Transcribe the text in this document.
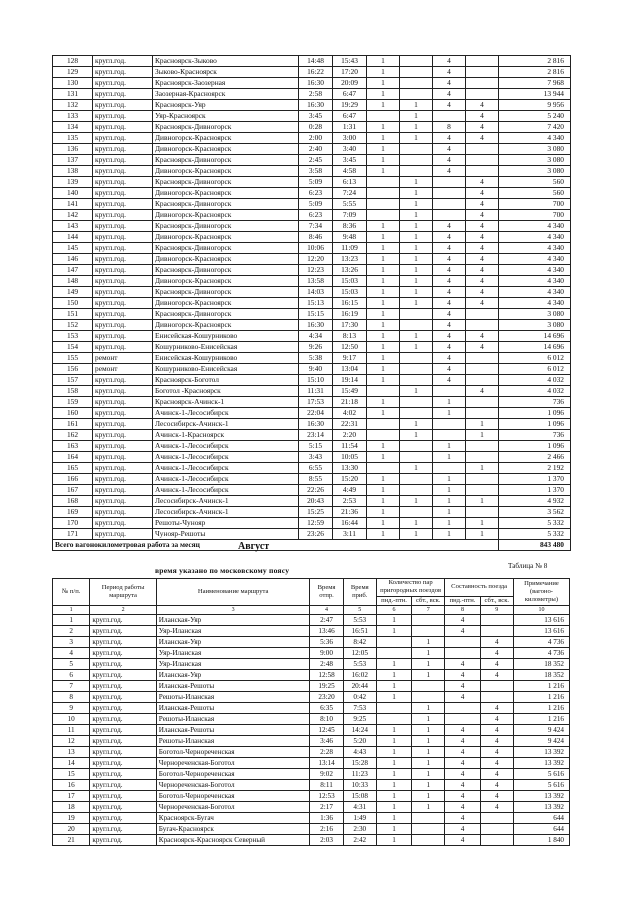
128	кругл.год.	Красноярск-Зыково	14:48	15:43	1		4		2 816
129	кругл.год.	Зыково-Красноярск	16:22	17:20	1		4		2 816
130	кругл.год.	Красноярск-Заозерная	16:30	20:09	1		4		7 968
131	кругл.год.	Заозерная-Красноярск	2:58	6:47	1		4		13 944
132	кругл.год.	Красноярск-Уяр	16:30	19:29	1	1	4	4	9 956
133	кругл.год.	Уяр-Красноярск	3:45	6:47		1		4	5 240
134	кругл.год.	Красноярск-Дивногорск	0:28	1:31	1	1	8	4	7 420
135	кругл.год.	Дивногорск-Красноярск	2:00	3:00	1	1	4	4	4 340
136	кругл.год.	Дивногорск-Красноярск	2:40	3:40	1		4		3 080
137	кругл.год.	Красноярск-Дивногорск	2:45	3:45	1		4		3 080
138	кругл.год.	Дивногорск-Красноярск	3:58	4:58	1		4		3 080
139	кругл.год.	Красноярск-Дивногорск	5:09	6:13		1		4	560
140	кругл.год.	Дивногорск-Красноярск	6:23	7:24		1		4	560
141	кругл.год.	Красноярск-Дивногорск	5:09	5:55		1		4	700
142	кругл.год.	Дивногорск-Красноярск	6:23	7:09		1		4	700
143	кругл.год.	Красноярск-Дивногорск	7:34	8:36	1	1	4	4	4 340
144	кругл.год.	Дивногорск-Красноярск	8:46	9:48	1	1	4	4	4 340
145	кругл.год.	Красноярск-Дивногорск	10:06	11:09	1	1	4	4	4 340
146	кругл.год.	Дивногорск-Красноярск	12:20	13:23	1	1	4	4	4 340
147	кругл.год.	Красноярск-Дивногорск	12:23	13:26	1	1	4	4	4 340
148	кругл.год.	Дивногорск-Красноярск	13:58	15:03	1	1	4	4	4 340
149	кругл.год.	Красноярск-Дивногорск	14:03	15:03	1	1	4	4	4 340
150	кругл.год.	Дивногорск-Красноярск	15:13	16:15	1	1	4	4	4 340
151	кругл.год.	Красноярск-Дивногорск	15:15	16:19	1		4		3 080
152	кругл.год.	Дивногорск-Красноярск	16:30	17:30	1		4		3 080
153	кругл.год.	Енисейская-Кошурниково	4:34	8:13	1	1	4	4	14 696
154	кругл.год.	Кошурниково-Енисейская	9:26	12:50	1	1	4	4	14 696
155	ремонт	Енисейская-Кошурниково	5:38	9:17	1		4		6 012
156	ремонт	Кошурниково-Енисейская	9:40	13:04	1		4		6 012
157	кругл.год.	Красноярск-Боготол	15:10	19:14	1		4		4 032
158	кругл.год.	Боготол -Красноярск	11:31	15:49		1		4	4 032
159	кругл.год.	Красноярск-Ачинск-1	17:53	21:18	1		1		736
160	кругл.год.	Ачинск-1-Лесосибирск	22:04	4:02	1		1		1 096
161	кругл.год.	Лесосибирск-Ачинск-1	16:30	22:31		1		1	1 096
162	кругл.год.	Ачинск-1-Красноярск	23:14	2:20		1		1	736
163	кругл.год.	Ачинск-1-Лесосибирск	5:15	11:54	1		1		1 096
164	кругл.год.	Ачинск-1-Лесосибирск	3:43	10:05	1		1		2 466
165	кругл.год.	Ачинск-1-Лесосибирск	6:55	13:30		1		1	2 192
166	кругл.год.	Ачинск-1-Лесосибирск	8:55	15:20	1		1		1 370
167	кругл.год.	Ачинск-1-Лесосибирск	22:26	4:49	1		1		1 370
168	кругл.год.	Лесосибирск-Ачинск-1	20:43	2:53	1	1	1	1	4 932
169	кругл.год.	Лесосибирск-Ачинск-1	15:25	21:36	1		1		3 562
170	кругл.год.	Решоты-Чунояр	12:59	16:44	1	1	1	1	5 332
171	кругл.год.	Чунояр-Решоты	23:26	3:11	1	1	1	1	5 332
Всего вагонокилометровая работа за месяц									843 480
Август
Таблица № 8
время указано по московскому поясу
№ п/п.	Период работы маршрута	Наименование маршрута	Время отпр.	Время приб.	Количество пар пригородных поездов		Составность поезда		Примечание (вагоно-километры)
					пнд.-птн.	сбт., вск.	пнд.-птн.	сбт., вск.	
1	2	3	4	5	6	7	8	9	10
1	кругл.год.	Иланская-Уяр	2:47	5:53	1		4		13 616
2	кругл.год.	Уяр-Иланская	13:46	16:51	1		4		13 616
3	кругл.год.	Иланская-Уяр	5:36	8:42		1		4	4 736
4	кругл.год.	Уяр-Иланская	9:00	12:05		1		4	4 736
5	кругл.год.	Уяр-Иланская	2:48	5:53	1	1	4	4	18 352
6	кругл.год.	Иланская-Уяр	12:58	16:02	1	1	4	4	18 352
7	кругл.год.	Иланская-Решоты	19:25	20:44	1		4		1 216
8	кругл.год.	Решоты-Иланская	23:20	0:42	1		4		1 216
9	кругл.год.	Иланская-Решоты	6:35	7:53		1		4	1 216
10	кругл.год.	Решоты-Иланская	8:10	9:25		1		4	1 216
11	кругл.год.	Иланская-Решоты	12:45	14:24	1	1	4	4	9 424
12	кругл.год.	Решоты-Иланская	3:46	5:20	1	1	4	4	9 424
13	кругл.год.	Боготол-Чернореченская	2:28	4:43	1	1	4	4	13 392
14	кругл.год.	Чернореченская-Боготол	13:14	15:28	1	1	4	4	13 392
15	кругл.год.	Боготол-Чернореченская	9:02	11:23	1	1	4	4	5 616
16	кругл.год.	Чернореченская-Боготол	8:11	10:33	1	1	4	4	5 616
17	кругл.год.	Боготол-Чернореченская	12:53	15:08	1	1	4	4	13 392
18	кругл.год.	Чернореченская-Боготол	2:17	4:31	1	1	4	4	13 392
19	кругл.год.	Красноярск-Бугач	1:36	1:49	1		4		644
20	кругл.год.	Бугач-Красноярск	2:16	2:30	1		4		644
21	кругл.год.	Красноярск-Красноярск Северный	2:03	2:42	1		4		1 840
